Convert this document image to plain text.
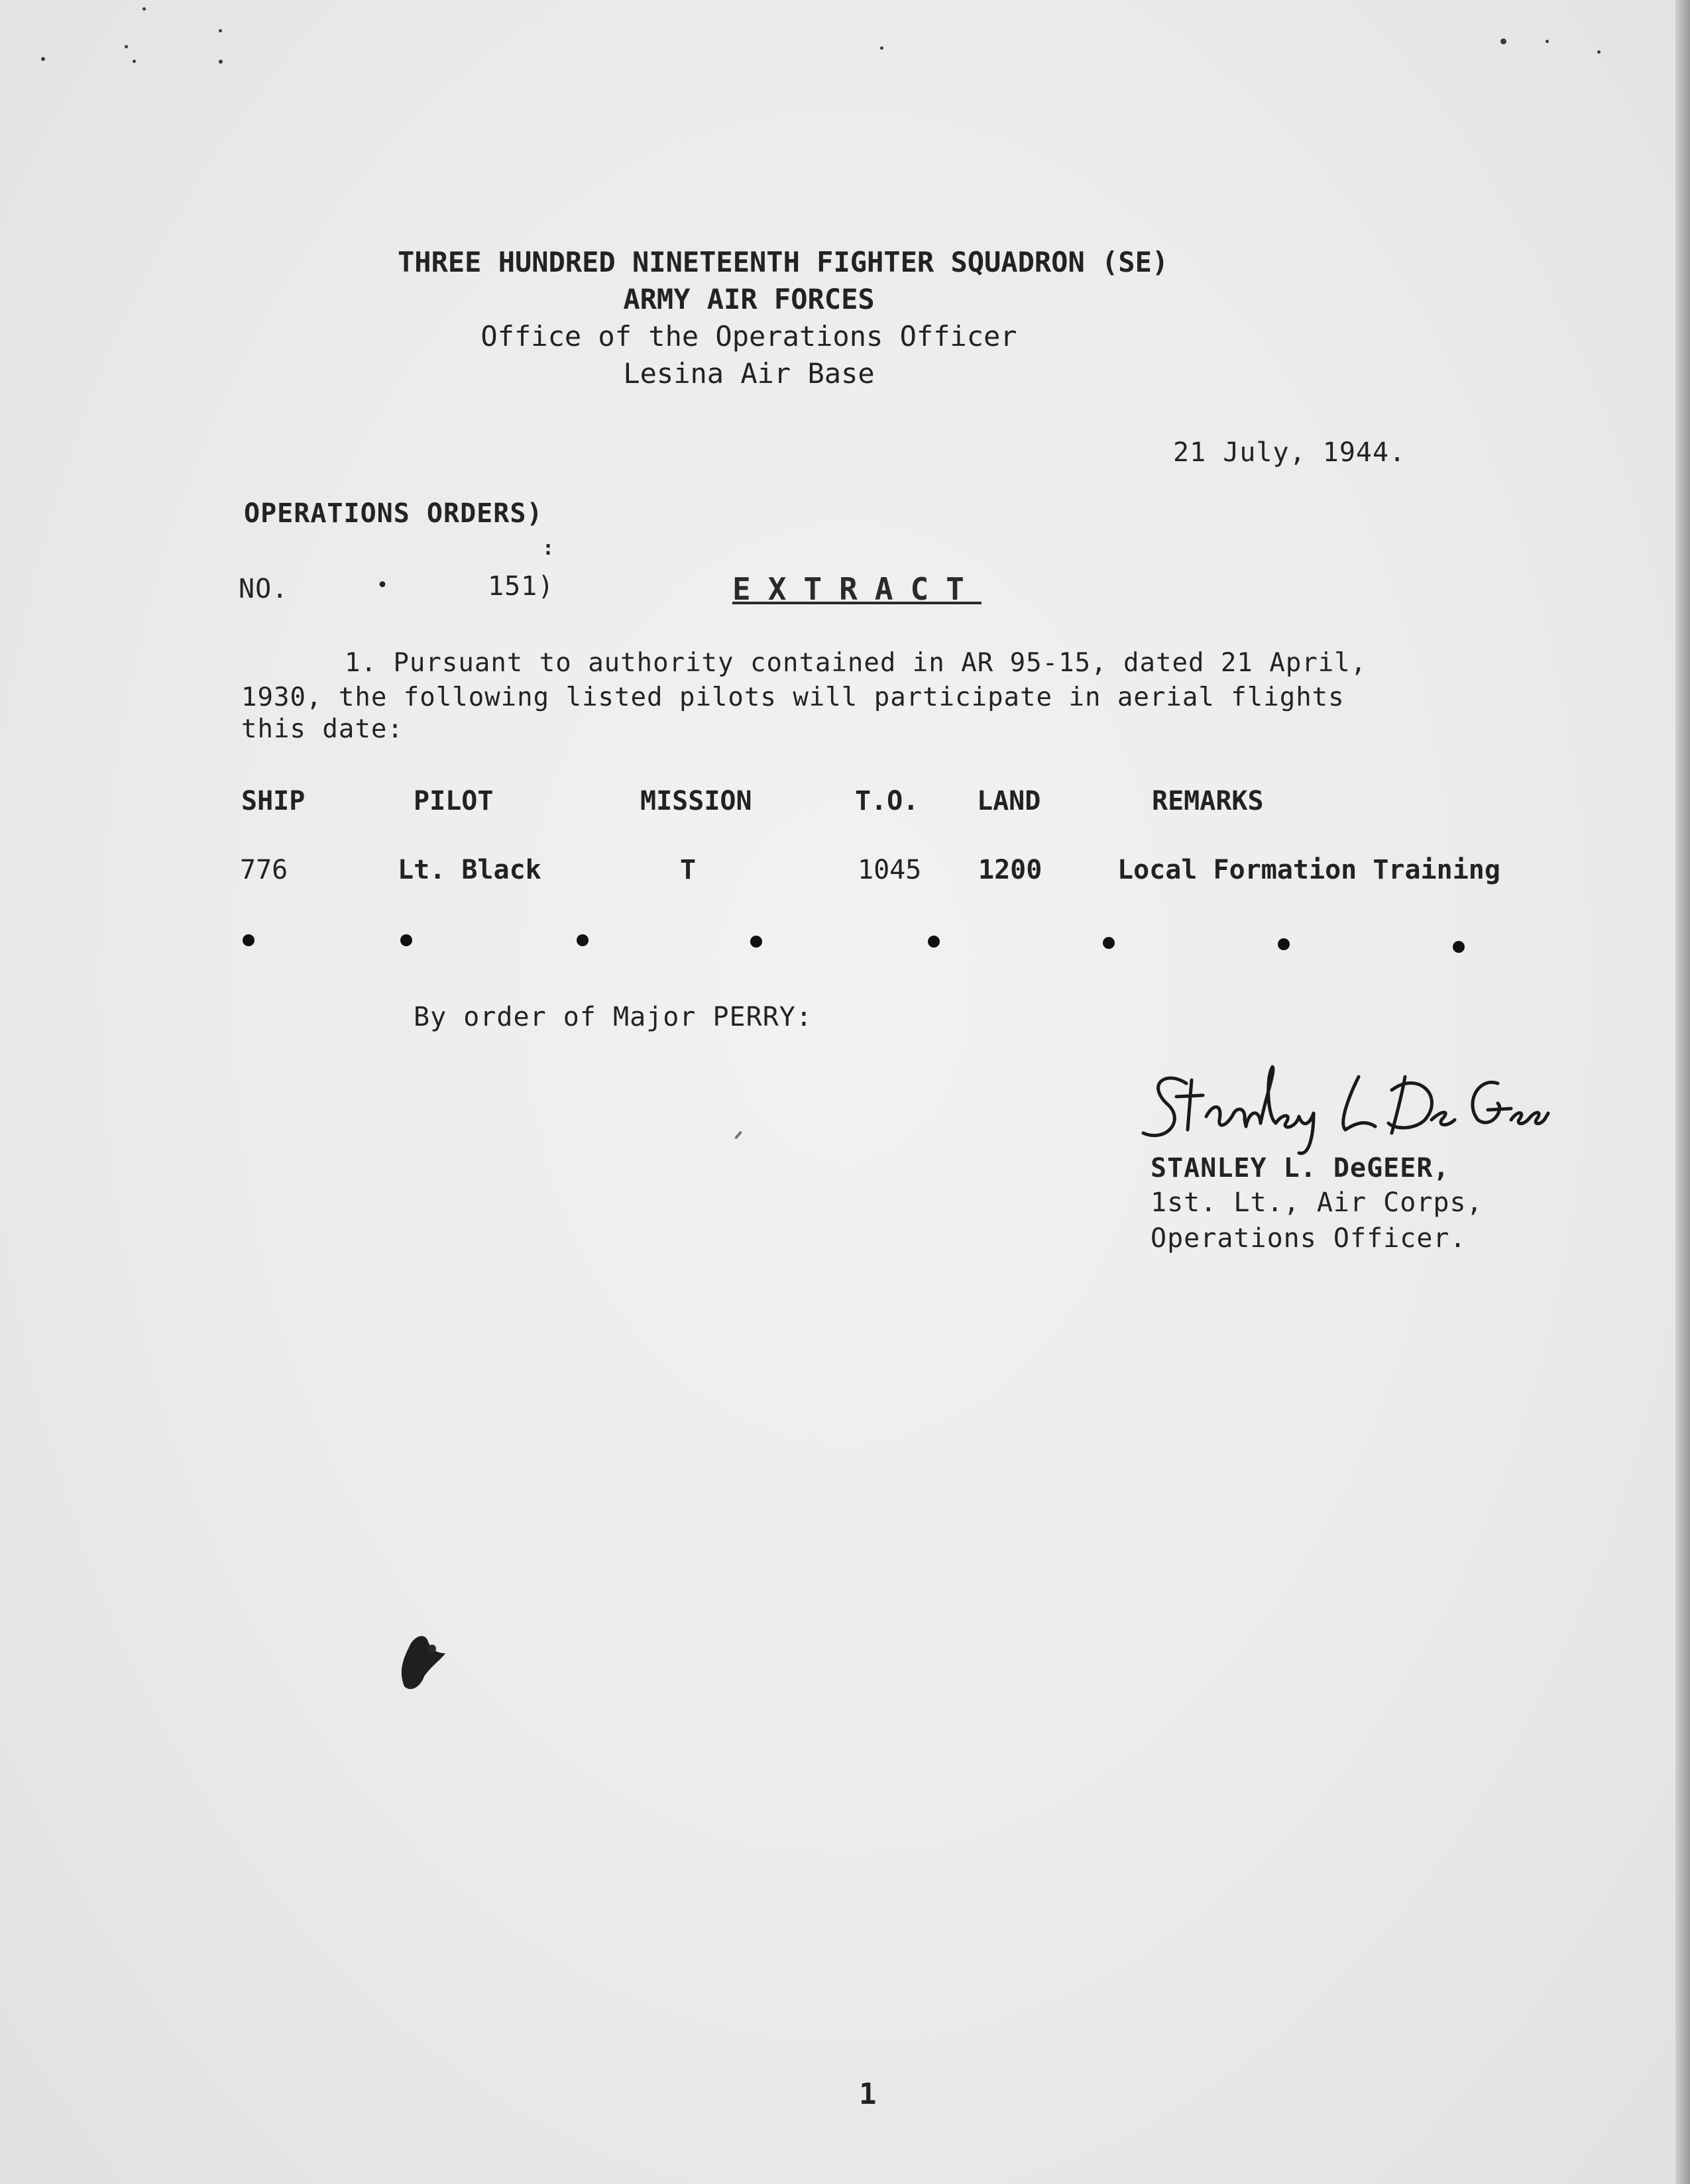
THREE HUNDRED NINETEENTH FIGHTER SQUADRON (SE)
ARMY AIR FORCES
Office of the Operations Officer
Lesina Air Base
21 July, 1944.
OPERATIONS ORDERS)
:
NO.	•	151)	EXTRACT
1. Pursuant to authority contained in AR 95-15, dated 21 April,
1930, the following listed pilots will participate in aerial flights
this date:
SHIP	PILOT	MISSION	T.O. LAND	REMARKS
776	Lt. Black	T	1045 1200	Local Formation Training
By order of Major PERRY:
STANLEY L. DeGEER,
1st. Lt., Air Corps,
Operations Officer.
1
